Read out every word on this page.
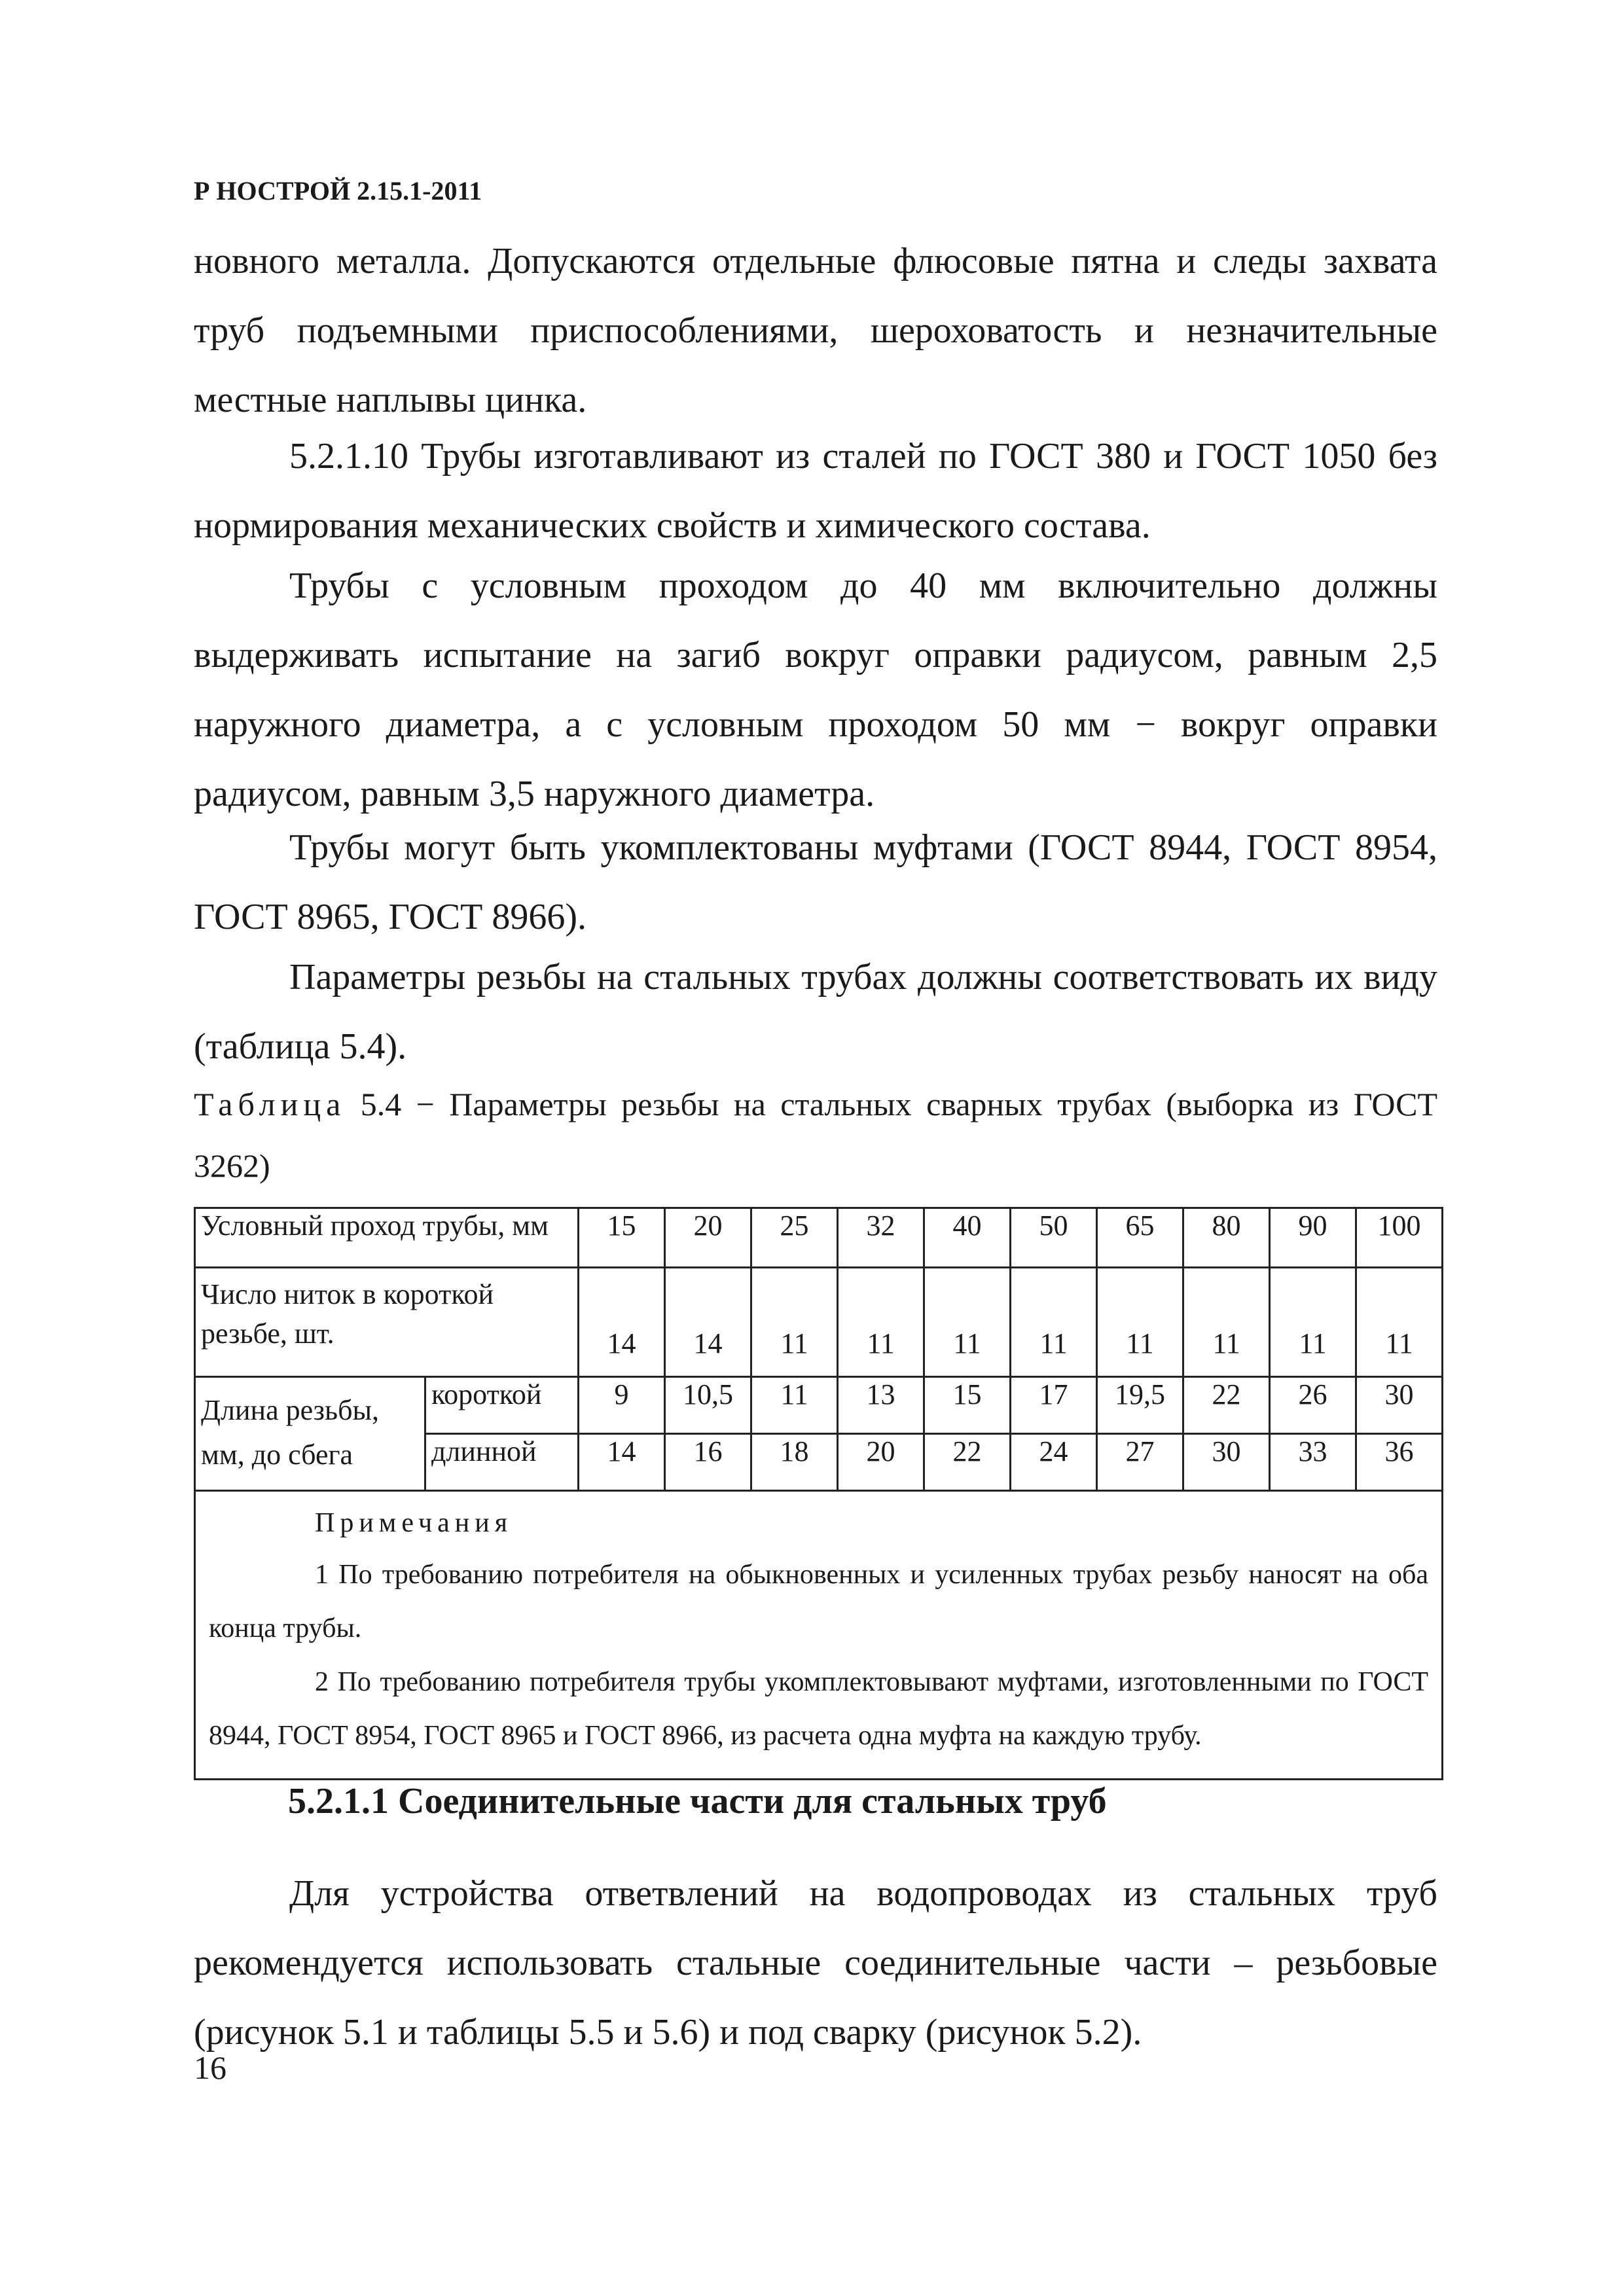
Р НОСТРОЙ 2.15.1-2011

новного металла. Допускаются отдельные флюсовые пятна и следы захвата труб подъемными приспособлениями, шероховатость и незначительные местные наплывы цинка.

5.2.1.10 Трубы изготавливают из сталей по ГОСТ 380 и ГОСТ 1050 без нормирования механических свойств и химического состава.

Трубы с условным проходом до 40 мм включительно должны выдерживать испытание на загиб вокруг оправки радиусом, равным 2,5 наружного диаметра, а с условным проходом 50 мм − вокруг оправки радиусом, равным 3,5 наружного диаметра.

Трубы могут быть укомплектованы муфтами (ГОСТ 8944, ГОСТ 8954, ГОСТ 8965, ГОСТ 8966).

Параметры резьбы на стальных трубах должны соответствовать их виду (таблица 5.4).

Таблица 5.4 − Параметры резьбы на стальных сварных трубах (выборка из ГОСТ 3262)

Условный проход трубы, мм		15	20	25	32	40	50	65	80	90	100
Число ниток в короткой резьбе, шт.		14	14	11	11	11	11	11	11	11	11
Длина резьбы, мм, до сбега	короткой	9	10,5	11	13	15	17	19,5	22	26	30
	длинной	14	16	18	20	22	24	27	30	33	36

Примечания

1 По требованию потребителя на обыкновенных и усиленных трубах резьбу наносят на оба конца трубы.

2 По требованию потребителя трубы укомплектовывают муфтами, изготовленными по ГОСТ 8944, ГОСТ 8954, ГОСТ 8965 и ГОСТ 8966, из расчета одна муфта на каждую трубу.											

5.2.1.1 Соединительные части для стальных труб

Для устройства ответвлений на водопроводах из стальных труб рекомендуется использовать стальные соединительные части – резьбовые (рисунок 5.1 и таблицы 5.5 и 5.6) и под сварку (рисунок 5.2).

16
